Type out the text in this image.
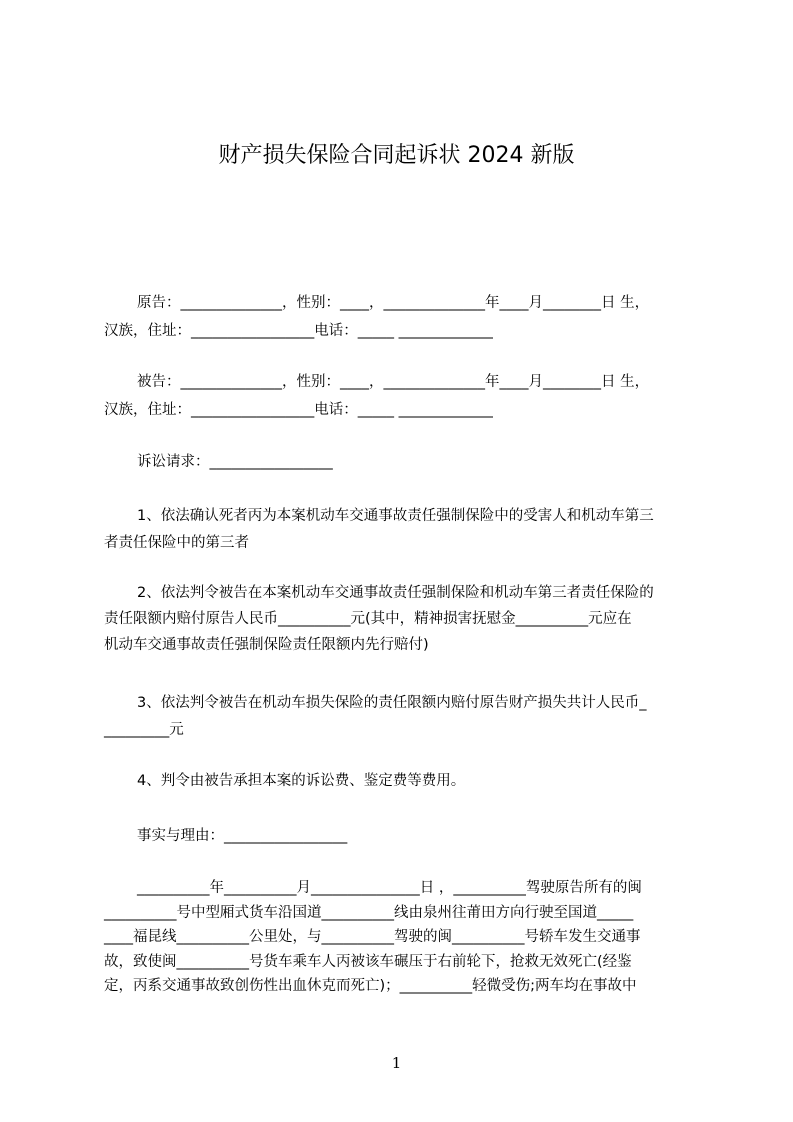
财产损失保险合同起诉状 2024 新版
原告：______________，性别：____，______________年____月________日 生，
汉族，住址：_________________电话：_____ _____________
被告：______________，性别：____，______________年____月________日 生，
汉族，住址：_________________电话：_____ _____________
诉讼请求：_________________
1、依法确认死者丙为本案机动车交通事故责任强制保险中的受害人和机动车第三
者责任保险中的第三者
2、依法判令被告在本案机动车交通事故责任强制保险和机动车第三者责任保险的
责任限额内赔付原告人民币__________元(其中，精神损害抚慰金__________元应在
机动车交通事故责任强制保险责任限额内先行赔付)
3、依法判令被告在机动车损失保险的责任限额内赔付原告财产损失共计人民币_
_________元
4、判令由被告承担本案的诉讼费、鉴定费等费用。
事实与理由：_________________
__________年__________月_______________日 ，__________驾驶原告所有的闽
__________号中型厢式货车沿国道__________线由泉州往莆田方向行驶至国道_____
____福昆线__________公里处，与__________驾驶的闽__________号轿车发生交通事
故，致使闽__________号货车乘车人丙被该车碾压于右前轮下，抢救无效死亡(经鉴
定，丙系交通事故致创伤性出血休克而死亡)；__________轻微受伤;两车均在事故中
1
